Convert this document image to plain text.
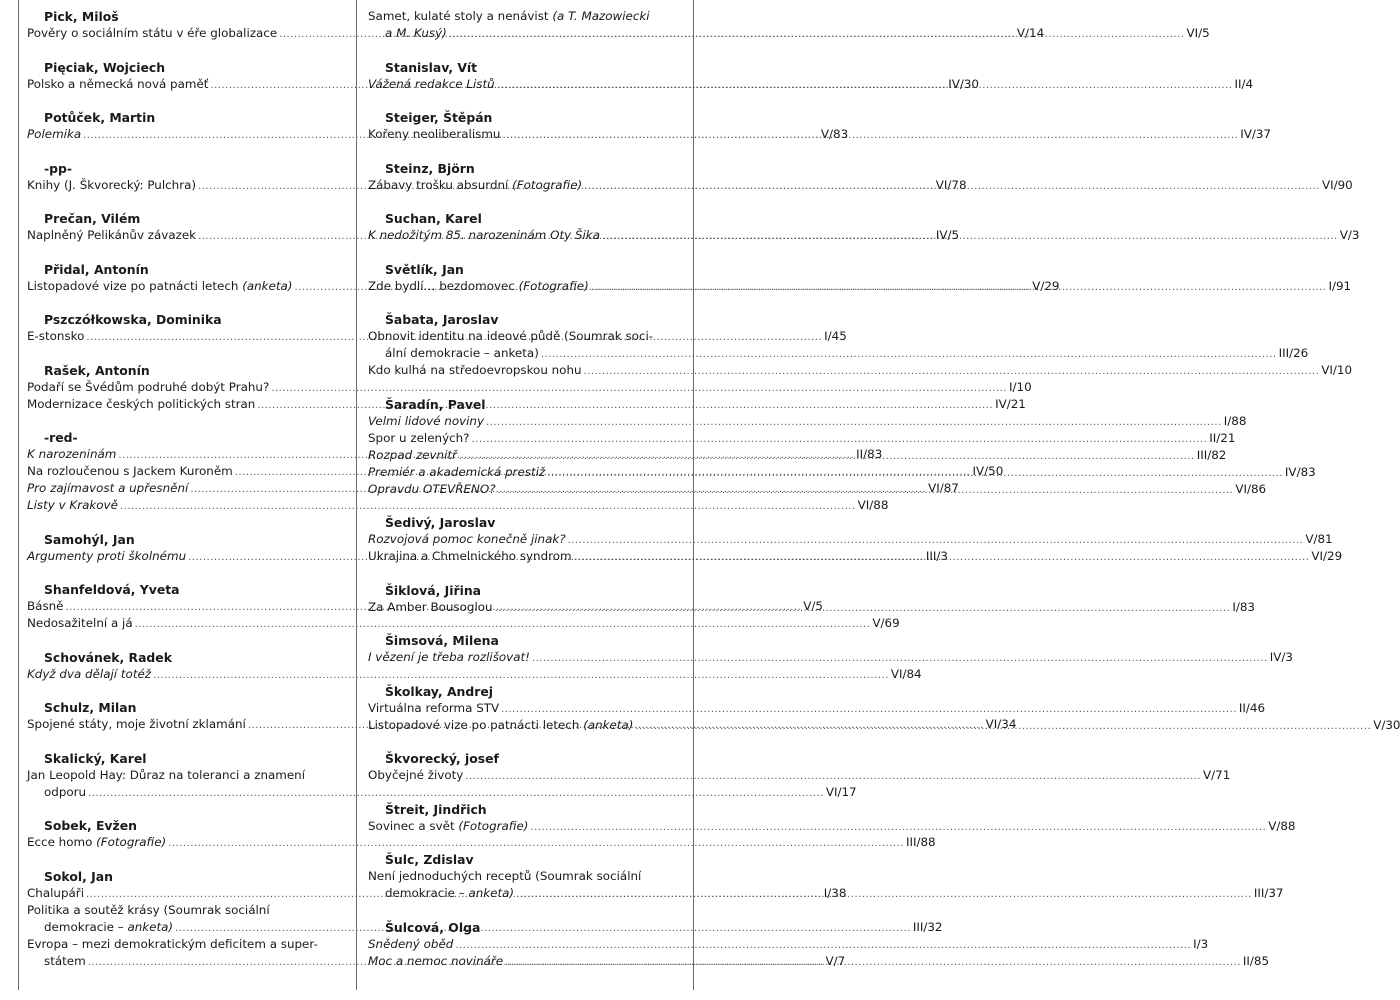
Pick, Miloš
Pověry o sociálním státu v éře globalizace .....	V/14
Pięciak, Wojciech
Polsko a německá nová paměť .....	IV/30
Potůček, Martin
Polemika .....	V/83
-pp-
Knihy (J. Škvorecký: Pulchra) .....	VI/78
Prečan, Vilém
Naplněný Pelikánův závazek .....	IV/5
Přidal, Antonín
Listopadové vize po patnácti letech (anketa) .....	V/29
Pszczółkowska, Dominika
E-stonsko .....	I/45
Rašek, Antonín
Podaří se Švédům podruhé dobýt Prahu? .....	I/10
Modernizace českých politických stran .....	IV/21
-red-
K narozeninám .....	II/83
Na rozloučenou s Jackem Kuroněm .....	IV/50
Pro zajímavost a upřesnění .....	VI/87
Listy v Krakově .....	VI/88
Samohýl, Jan
Argumenty proti školnému .....	III/3
Shanfeldová, Yveta
Básně .....	V/5
Nedosažitelní a já .....	V/69
Schovánek, Radek
Když dva dělají totéž .....	VI/84
Schulz, Milan
Spojené státy, moje životní zklamání .....	VI/34
Skalický, Karel
Jan Leopold Hay: Důraz na toleranci a znamení
odporu .....	VI/17
Sobek, Evžen
Ecce homo (Fotografie) .....	III/88
Sokol, Jan
Chalupáři .....	I/38
Politika a soutěž krásy (Soumrak sociální
demokracie – anketa) .....	III/32
Evropa – mezi demokratickým deficitem a super-
státem .....	V/7
Samet, kulaté stoly a nenávist (a T. Mazowiecki
a M. Kusý) .....	VI/5
Stanislav, Vít
Vážená redakce Listů .....	II/4
Steiger, Štěpán
Kořeny neoliberalismu .....	IV/37
Steinz, Björn
Zábavy trošku absurdní (Fotografie) .....	VI/90
Suchan, Karel
K nedožitým 85. narozeninám Oty Šika .....	V/3
Světlík, Jan
Zde bydlí… bezdomovec (Fotografie) .....	I/91
Šabata, Jaroslav
Obnovit identitu na ideové půdě (Soumrak soci-
ální demokracie – anketa) .....	III/26
Kdo kulhá na středoevropskou nohu .....	VI/10
Šaradín, Pavel
Velmi lidové noviny .....	I/88
Spor u zelených? .....	II/21
Rozpad zevnitř .....	III/82
Premiér a akademická prestiž .....	IV/83
Opravdu OTEVŘENO? .....	VI/86
Šedivý, Jaroslav
Rozvojová pomoc konečně jinak? .....	V/81
Ukrajina a Chmelnického syndrom .....	VI/29
Šiklová, Jiřina
Za Amber Bousoglou .....	I/83
Šimsová, Milena
I vězení je třeba rozlišovat! .....	IV/3
Školkay, Andrej
Virtuálna reforma STV .....	II/46
Listopadové vize po patnácti letech (anketa) .....	V/30
Škvorecký, josef
Obyčejné životy .....	V/71
Štreit, Jindřich
Sovinec a svět (Fotografie) .....	V/88
Šulc, Zdislav
Není jednoduchých receptů (Soumrak sociální
demokracie – anketa) .....	III/37
Šulcová, Olga
Snědený oběd .....	I/3
Moc a nemoc novináře .....	II/85
